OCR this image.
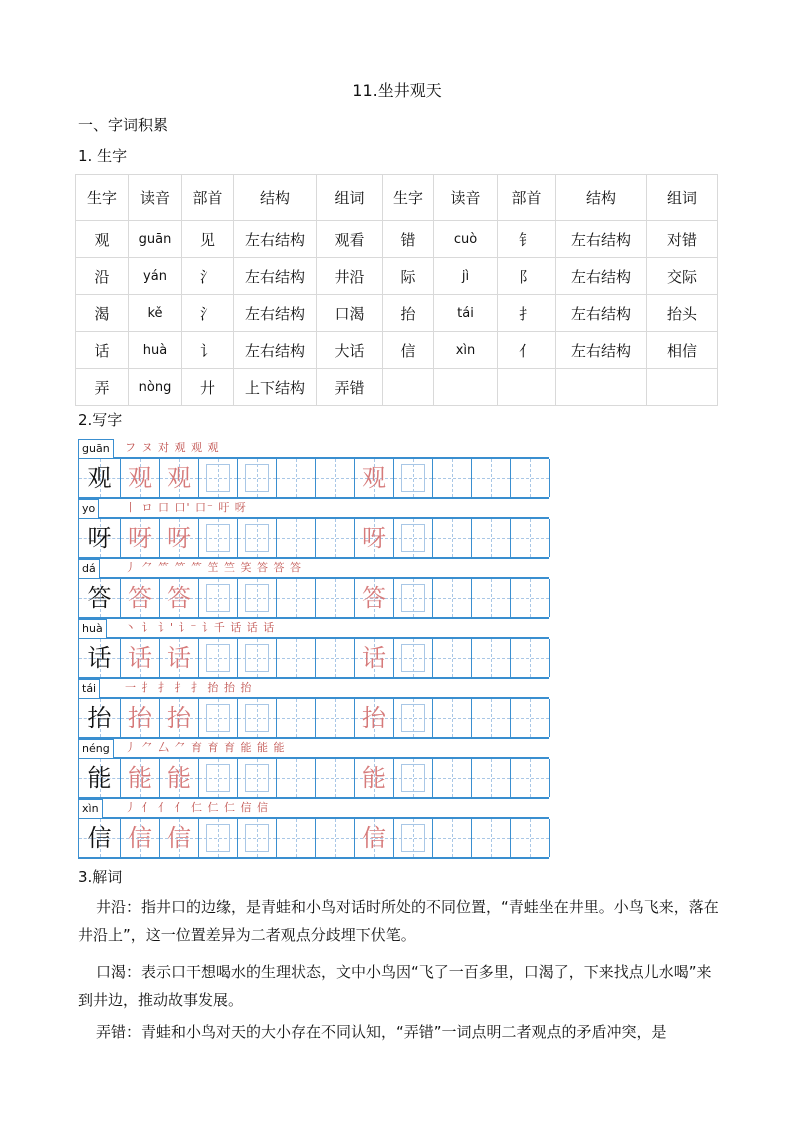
11.坐井观天
一、字词积累
1. 生字
生字	读音	部首	结构	组词	生字	读音	部首	结构	组词
观	guān	见	左右结构	观看	错	cuò	钅	左右结构	对错
沿	yán	氵	左右结构	井沿	际	jì	阝	左右结构	交际
渴	kě	氵	左右结构	口渴	抬	tái	扌	左右结构	抬头
话	huà	讠	左右结构	大话	信	xìn	亻	左右结构	相信
弄	nòng	廾	上下结构	弄错					
2.写字
guān	フ ヌ 对 观 观 观
观 观 观	观
yo	丨 ロ 口 口' 口⁻ 吁 呀
呀 呀 呀	呀
dá	丿 ⺈ ⺮ ⺮ ⺮ 笁 竺 笑 答 答 答
答 答 答	答
huà	丶 讠 讠' 讠⁻ 讠千 话 话 话
话 话 话	话
tái	一 扌 扌 扌 扌 抬 抬 抬
抬 抬 抬	抬
néng	丿 ⺈ 厶 ⺈ 育 育 育 能 能 能
能 能 能	能
xìn	丿 亻 亻 亻 仁 仁 仁 信 信
信 信 信	信
3.解词
井沿：指井口的边缘，是青蛙和小鸟对话时所处的不同位置，“青蛙坐在井里。小鸟飞来，落在井沿上”，这一位置差异为二者观点分歧埋下伏笔。
口渴：表示口干想喝水的生理状态，文中小鸟因“飞了一百多里，口渴了，下来找点儿水喝”来到井边，推动故事发展。
弄错：青蛙和小鸟对天的大小存在不同认知，“弄错”一词点明二者观点的矛盾冲突，是
